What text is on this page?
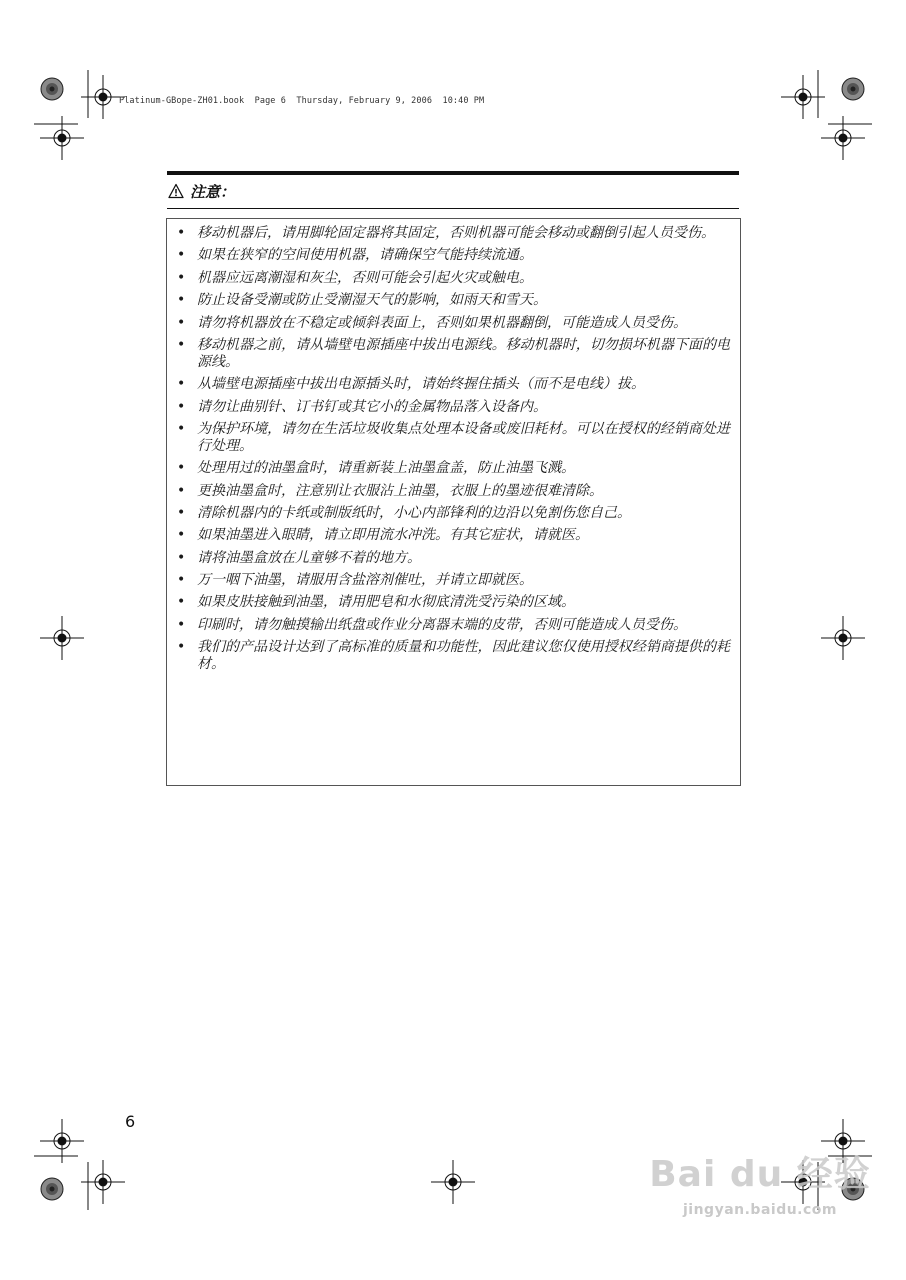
Platinum-GBope-ZH01.book  Page 6  Thursday, February 9, 2006  10:40 PM
注意：
• 移动机器后，请用脚轮固定器将其固定，否则机器可能会移动或翻倒引起人员受伤。
• 如果在狭窄的空间使用机器，请确保空气能持续流通。
• 机器应远离潮湿和灰尘，否则可能会引起火灾或触电。
• 防止设备受潮或防止受潮湿天气的影响，如雨天和雪天。
• 请勿将机器放在不稳定或倾斜表面上，否则如果机器翻倒，可能造成人员受伤。
• 移动机器之前，请从墙壁电源插座中拔出电源线。移动机器时，切勿损坏机器下面的电源线。
• 从墙壁电源插座中拔出电源插头时，请始终握住插头（而不是电线）拔。
• 请勿让曲别针、订书钉或其它小的金属物品落入设备内。
• 为保护环境，请勿在生活垃圾收集点处理本设备或废旧耗材。可以在授权的经销商处进行处理。
• 处理用过的油墨盒时，请重新装上油墨盒盖，防止油墨飞溅。
• 更换油墨盒时，注意别让衣服沾上油墨，衣服上的墨迹很难清除。
• 清除机器内的卡纸或制版纸时，小心内部锋利的边沿以免割伤您自己。
• 如果油墨进入眼睛，请立即用流水冲洗。有其它症状，请就医。
• 请将油墨盒放在儿童够不着的地方。
• 万一咽下油墨，请服用含盐溶剂催吐，并请立即就医。
• 如果皮肤接触到油墨，请用肥皂和水彻底清洗受污染的区域。
• 印刷时，请勿触摸输出纸盘或作业分离器末端的皮带，否则可能造成人员受伤。
• 我们的产品设计达到了高标准的质量和功能性，因此建议您仅使用授权经销商提供的耗材。
6
Bai du 经验
jingyan.baidu.com
